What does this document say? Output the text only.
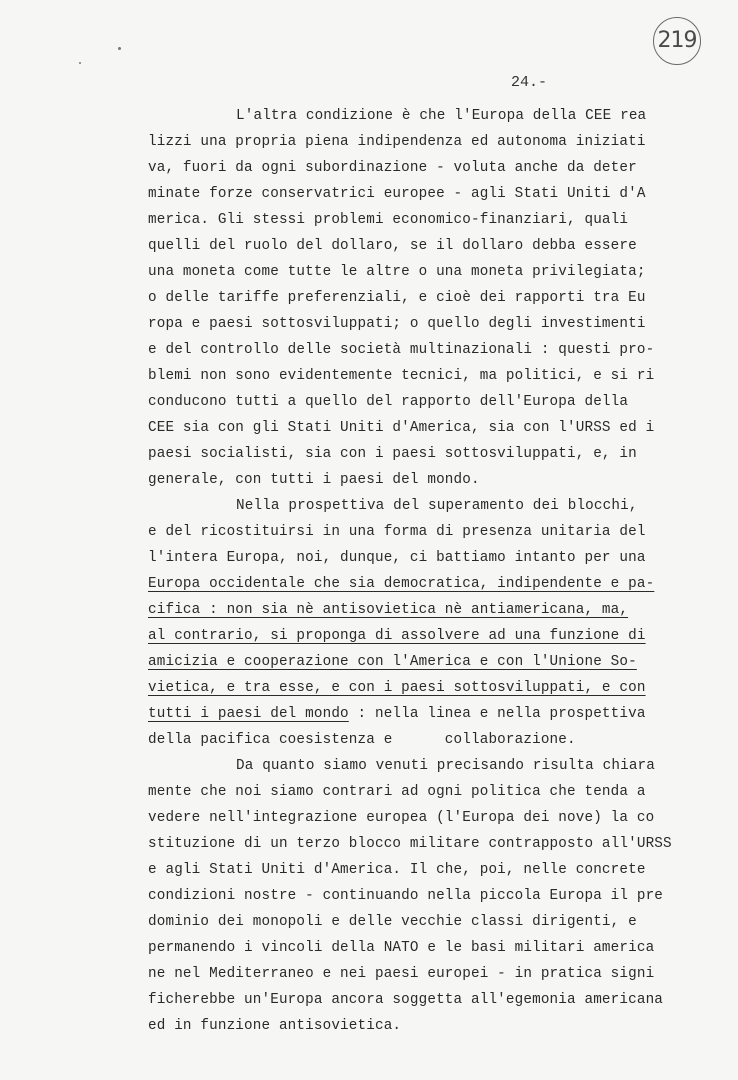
219
24.-
L'altra condizione è che l'Europa della CEE rea
lizzi una propria piena indipendenza ed autonoma iniziati
va, fuori da ogni subordinazione - voluta anche da deter
minate forze conservatrici europee - agli Stati Uniti d'A
merica. Gli stessi problemi economico-finanziari, quali
quelli del ruolo del dollaro, se il dollaro debba essere
una moneta come tutte le altre o una moneta privilegiata;
o delle tariffe preferenziali, e cioè dei rapporti tra Eu
ropa e paesi sottosviluppati; o quello degli investimenti
e del controllo delle società multinazionali : questi pro-
blemi non sono evidentemente tecnici, ma politici, e si ri
conducono tutti a quello del rapporto dell'Europa della
CEE sia con gli Stati Uniti d'America, sia con l'URSS ed i
paesi socialisti, sia con i paesi sottosviluppati, e, in
generale, con tutti i paesi del mondo.
Nella prospettiva del superamento dei blocchi,
e del ricostituirsi in una forma di presenza unitaria del
l'intera Europa, noi, dunque, ci battiamo intanto per una
Europa occidentale che sia democratica, indipendente e pa-
cifica : non sia nè antisovietica nè antiamericana, ma,
al contrario, si proponga di assolvere ad una funzione di
amicizia e cooperazione con l'America e con l'Unione So-
vietica, e tra esse, e con i paesi sottosviluppati, e con
tutti i paesi del mondo : nella linea e nella prospettiva
della pacifica coesistenza e      collaborazione.
Da quanto siamo venuti precisando risulta chiara
mente che noi siamo contrari ad ogni politica che tenda a
vedere nell'integrazione europea (l'Europa dei nove) la co
stituzione di un terzo blocco militare contrapposto all'URSS
e agli Stati Uniti d'America. Il che, poi, nelle concrete
condizioni nostre - continuando nella piccola Europa il pre
dominio dei monopoli e delle vecchie classi dirigenti, e
permanendo i vincoli della NATO e le basi militari america
ne nel Mediterraneo e nei paesi europei - in pratica signi
ficherebbe un'Europa ancora soggetta all'egemonia americana
ed in funzione antisovietica.
